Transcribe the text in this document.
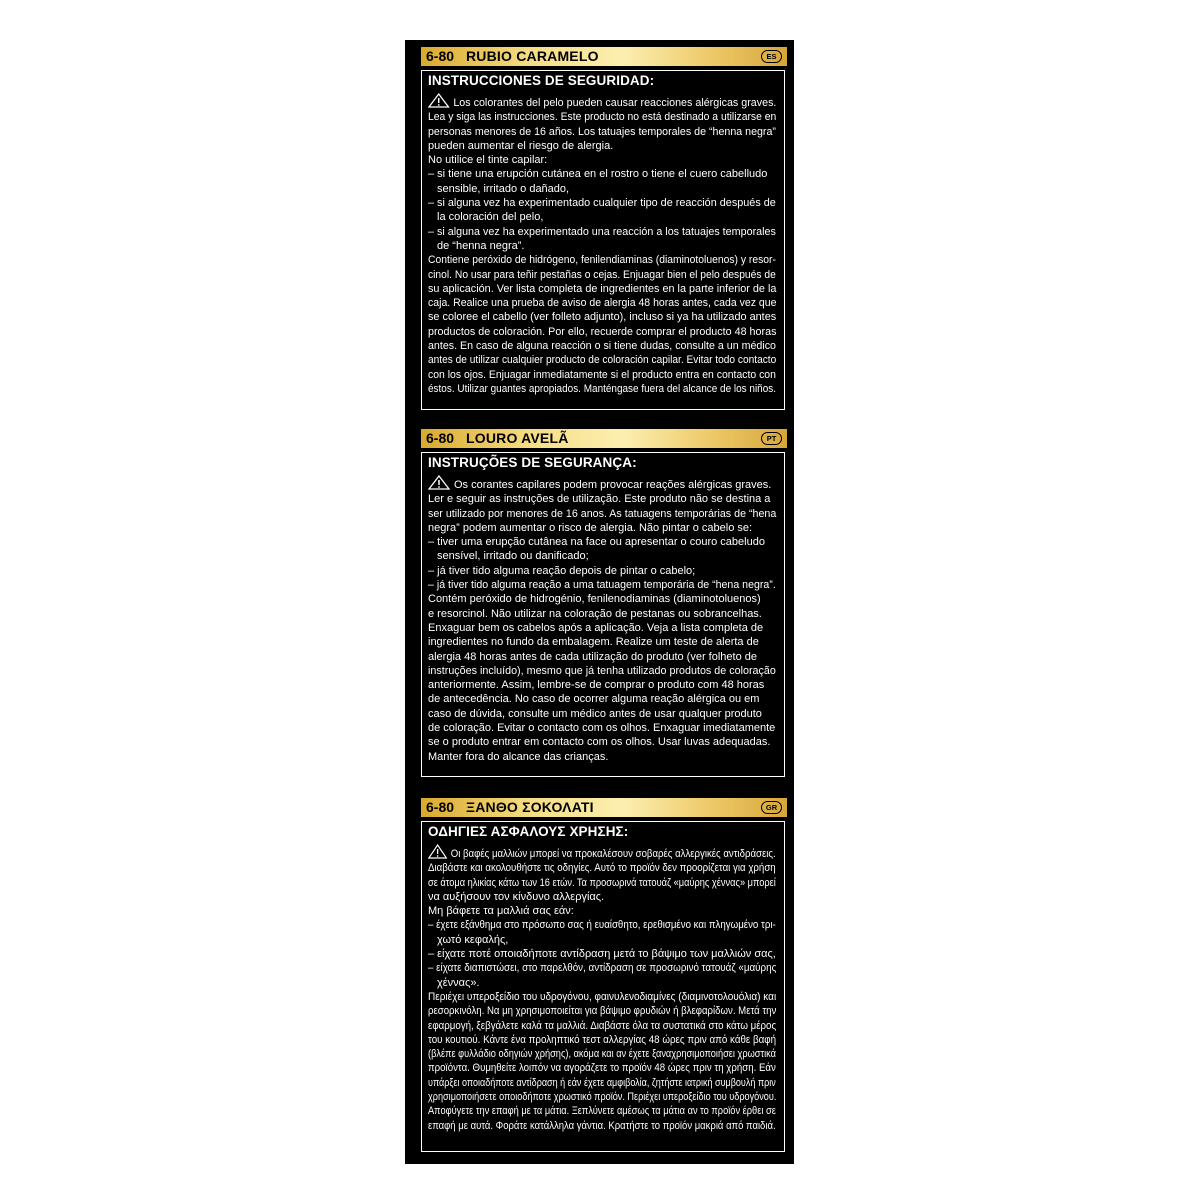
6-80 RUBIO CARAMELO	ES
INSTRUCCIONES DE SEGURIDAD:
Los colorantes del pelo pueden causar reacciones alérgicas graves.
Lea y siga las instrucciones. Este producto no está destinado a utilizarse en
personas menores de 16 años. Los tatuajes temporales de “henna negra”
pueden aumentar el riesgo de alergia.
No utilice el tinte capilar:
– si tiene una erupción cutánea en el rostro o tiene el cuero cabelludo
sensible, irritado o dañado,
– si alguna vez ha experimentado cualquier tipo de reacción después de
la coloración del pelo,
– si alguna vez ha experimentado una reacción a los tatuajes temporales
de “henna negra”.
Contiene peróxido de hidrógeno, fenilendiaminas (diaminotoluenos) y resor-
cinol. No usar para teñir pestañas o cejas. Enjuagar bien el pelo después de
su aplicación. Ver lista completa de ingredientes en la parte inferior de la
caja. Realice una prueba de aviso de alergia 48 horas antes, cada vez que
se coloree el cabello (ver folleto adjunto), incluso si ya ha utilizado antes
productos de coloración. Por ello, recuerde comprar el producto 48 horas
antes. En caso de alguna reacción o si tiene dudas, consulte a un médico
antes de utilizar cualquier producto de coloración capilar. Evitar todo contacto
con los ojos. Enjuagar inmediatamente si el producto entra en contacto con
éstos. Utilizar guantes apropiados. Manténgase fuera del alcance de los niños.
6-80 LOURO AVELÃ	PT
INSTRUÇÕES DE SEGURANÇA:
Os corantes capilares podem provocar reações alérgicas graves.
Ler e seguir as instruções de utilização. Este produto não se destina a
ser utilizado por menores de 16 anos. As tatuagens temporárias de “hena
negra” podem aumentar o risco de alergia. Não pintar o cabelo se:
– tiver uma erupção cutânea na face ou apresentar o couro cabeludo
sensível, irritado ou danificado;
– já tiver tido alguma reação depois de pintar o cabelo;
– já tiver tido alguma reação a uma tatuagem temporária de “hena negra”.
Contém peróxido de hidrogénio, fenilenodiaminas (diaminotoluenos)
e resorcinol. Não utilizar na coloração de pestanas ou sobrancelhas.
Enxaguar bem os cabelos após a aplicação. Veja a lista completa de
ingredientes no fundo da embalagem. Realize um teste de alerta de
alergia 48 horas antes de cada utilização do produto (ver folheto de
instruções incluído), mesmo que já tenha utilizado produtos de coloração
anteriormente. Assim, lembre-se de comprar o produto com 48 horas
de antecedência. No caso de ocorrer alguma reação alérgica ou em
caso de dúvida, consulte um médico antes de usar qualquer produto
de coloração. Evitar o contacto com os olhos. Enxaguar imediatamente
se o produto entrar em contacto com os olhos. Usar luvas adequadas.
Manter fora do alcance das crianças.
6-80 ΞΑΝΘΟ ΣΟΚΟΛΑΤΙ	GR
ΟΔΗΓΙΕΣ ΑΣΦΑΛΟΥΣ ΧΡΗΣΗΣ:
Οι βαφές μαλλιών μπορεί να προκαλέσουν σοβαρές αλλεργικές αντιδράσεις.
Διαβάστε και ακολουθήστε τις οδηγίες. Αυτό το προϊόν δεν προορίζεται για χρήση
σε άτομα ηλικίας κάτω των 16 ετών. Τα προσωρινά τατουάζ «μαύρης χέννας» μπορεί
να αυξήσουν τον κίνδυνο αλλεργίας.
Μη βάφετε τα μαλλιά σας εάν:
– έχετε εξάνθημα στο πρόσωπο σας ή ευαίσθητο, ερεθισμένο και πληγωμένο τρι-
χωτό κεφαλής,
– είχατε ποτέ οποιαδήποτε αντίδραση μετά το βάψιμο των μαλλιών σας,
– είχατε διαπιστώσει, στο παρελθόν, αντίδραση σε προσωρινό τατουάζ «μαύρης
χέννας».
Περιέχει υπεροξείδιο του υδρογόνου, φαινυλενοδιαμίνες (διαμινοτολουόλια) και
ρεσορκινόλη. Να μη χρησιμοποιείται για βάψιμο φρυδιών ή βλεφαρίδων. Μετά την
εφαρμογή, ξεβγάλετε καλά τα μαλλιά. Διαβάστε όλα τα συστατικά στο κάτω μέρος
του κουτιού. Κάντε ένα προληπτικό τεστ αλλεργίας 48 ώρες πριν από κάθε βαφή
(βλέπε φυλλάδιο οδηγιών χρήσης), ακόμα και αν έχετε ξαναχρησιμοποιήσει χρωστικά
προϊόντα. Θυμηθείτε λοιπόν να αγοράζετε το προϊόν 48 ώρες πριν τη χρήση. Εάν
υπάρξει οποιαδήποτε αντίδραση ή εάν έχετε αμφιβολία, ζητήστε ιατρική συμβουλή πριν
χρησιμοποιήσετε οποιοδήποτε χρωστικό προϊόν. Περιέχει υπεροξείδιο του υδρογόνου.
Αποφύγετε την επαφή με τα μάτια. Ξεπλύνετε αμέσως τα μάτια αν το προϊόν έρθει σε
επαφή με αυτά. Φοράτε κατάλληλα γάντια. Κρατήστε το προϊόν μακριά από παιδιά.
